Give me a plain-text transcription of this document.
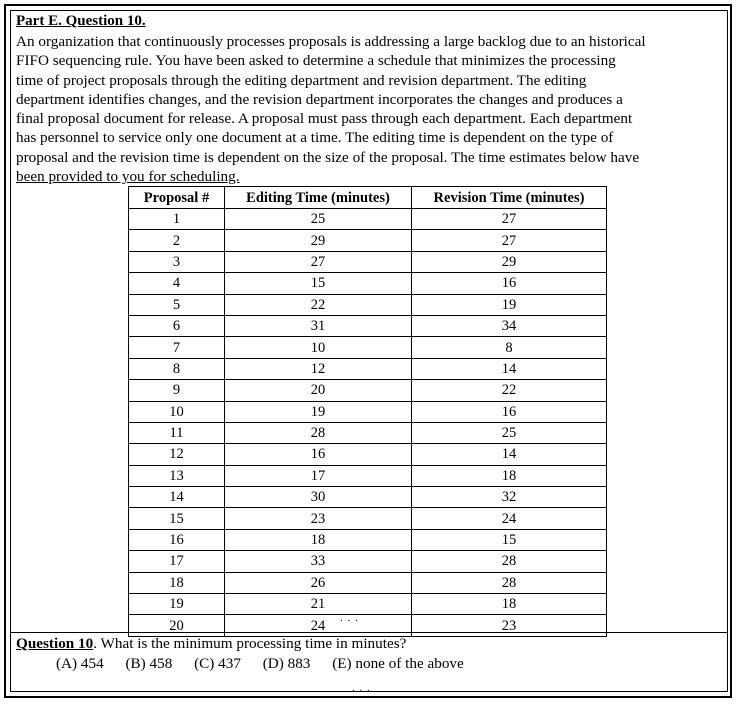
Part E. Question 10.

An organization that continuously processes proposals is addressing a large backlog due to an historical
FIFO sequencing rule. You have been asked to determine a schedule that minimizes the processing
time of project proposals through the editing department and revision department. The editing
department identifies changes, and the revision department incorporates the changes and produces a
final proposal document for release. A proposal must pass through each department. Each department
has personnel to service only one document at a time. The editing time is dependent on the type of
proposal and the revision time is dependent on the size of the proposal. The time estimates below have
been provided to you for scheduling.

Proposal #	Editing Time (minutes)	Revision Time (minutes)
1	25	27
2	29	27
3	27	29
4	15	16
5	22	19
6	31	34
7	10	8
8	12	14
9	20	22
10	19	16
11	28	25
12	16	14
13	17	18
14	30	32
15	23	24
16	18	15
17	33	28
18	26	28
19	21	18
20	24	23
. . .
Question 10. What is the minimum processing time in minutes?
(A) 454 (B) 458 (C) 437 (D) 883 (E) none of the above
. . .
